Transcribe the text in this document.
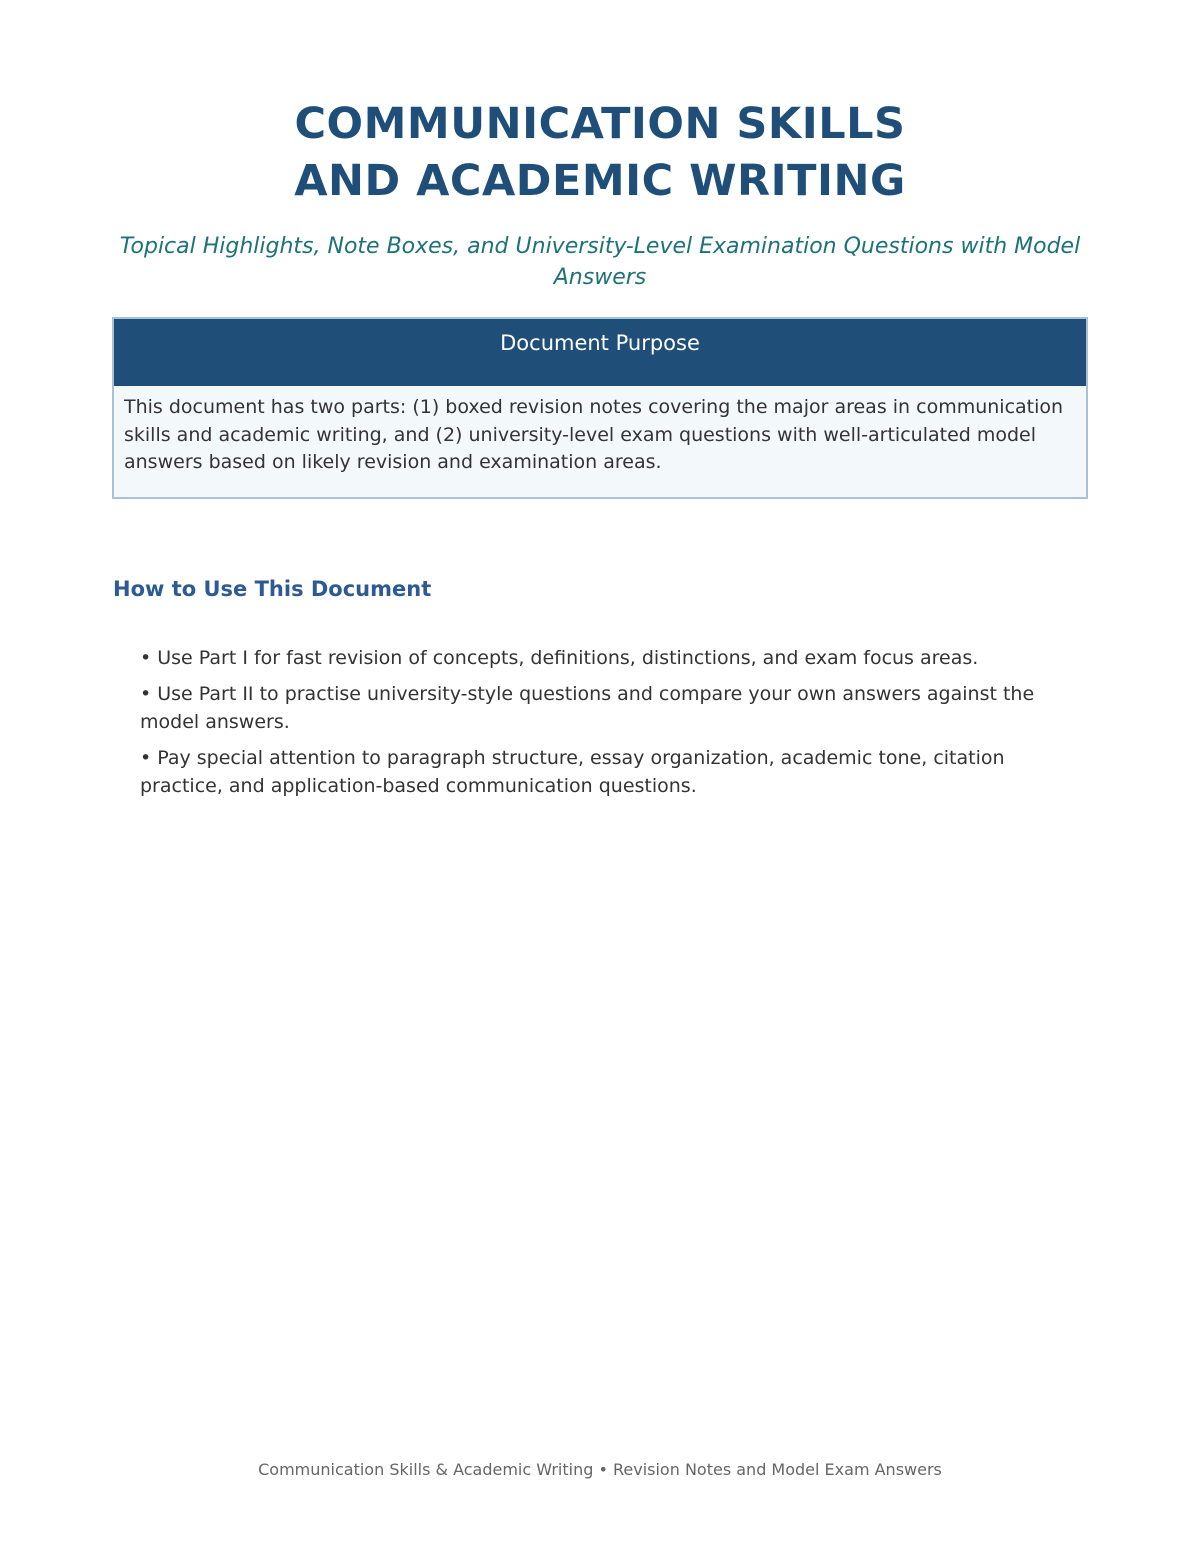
COMMUNICATION SKILLS
AND ACADEMIC WRITING
Topical Highlights, Note Boxes, and University-Level Examination Questions with Model Answers
Document Purpose
This document has two parts: (1) boxed revision notes covering the major areas in communication skills and academic writing, and (2) university-level exam questions with well-articulated model answers based on likely revision and examination areas.
How to Use This Document
• Use Part I for fast revision of concepts, definitions, distinctions, and exam focus areas.
• Use Part II to practise university-style questions and compare your own answers against the model answers.
• Pay special attention to paragraph structure, essay organization, academic tone, citation practice, and application-based communication questions.
Communication Skills & Academic Writing • Revision Notes and Model Exam Answers
